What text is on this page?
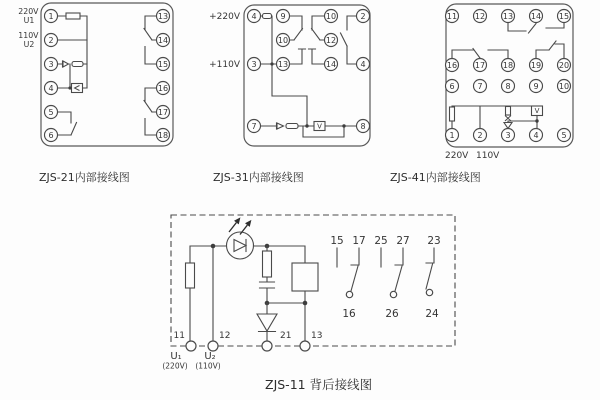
220V
U1
110V
U2
1
2
3
4
5
6
13
14
15
16
17
18
ZJS-21内部接线图
+220V
+110V
V
4
3
9
10
13
10
12
14
2
4
7	8
ZJS-31内部接线图
V
11 12 13 14 15
16 17 18 19 20
6	7	8	9	10
1	2	3	4	5
220V 110V
ZJS-41内部接线图
15 17 25 27 23
16	26	24
11	12	21 13
U₁
(220V)
U₂
(110V)
ZJS-11 背后接线图
